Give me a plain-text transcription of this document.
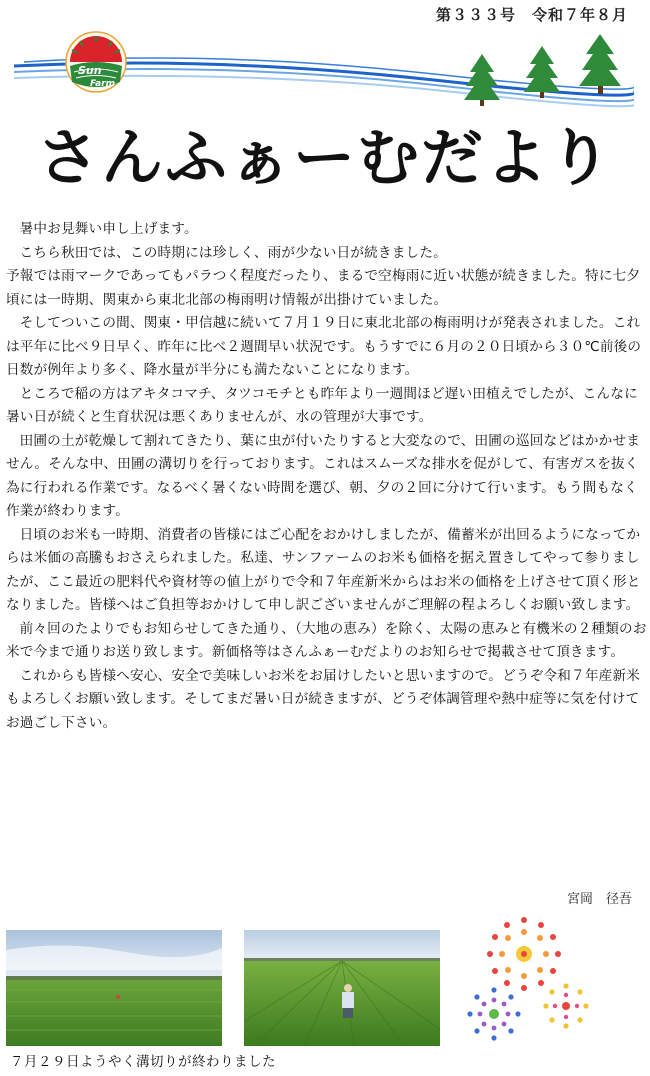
第３３３号　令和７年８月
Sun
Farm
さんふぁーむだより

暑中お見舞い申し上げます。

こちら秋田では、この時期には珍しく、雨が少ない日が続きました。

予報では雨マークであってもパラつく程度だったり、まるで空梅雨に近い状態が続きました。特に七夕頃には一時期、関東から東北北部の梅雨明け情報が出掛けていました。

そしてついこの間、関東・甲信越に続いて７月１９日に東北北部の梅雨明けが発表されました。これは平年に比べ９日早く、昨年に比べ２週間早い状況です。もうすでに６月の２０日頃から３０℃前後の日数が例年より多く、降水量が半分にも満たないことになります。

ところで稲の方はアキタコマチ、タツコモチとも昨年より一週間ほど遅い田植えでしたが、こんなに暑い日が続くと生育状況は悪くありませんが、水の管理が大事です。

田圃の土が乾燥して割れてきたり、葉に虫が付いたりすると大変なので、田圃の巡回などはかかせません。そんな中、田圃の溝切りを行っております。これはスムーズな排水を促がして、有害ガスを抜く為に行われる作業です。なるべく暑くない時間を選び、朝、夕の２回に分けて行います。もう間もなく作業が終わります。

日頃のお米も一時期、消費者の皆様にはご心配をおかけしましたが、備蓄米が出回るようになってからは米価の高騰もおさえられました。私達、サンファームのお米も価格を据え置きしてやって参りましたが、ここ最近の肥料代や資材等の値上がりで令和７年産新米からはお米の価格を上げさせて頂く形となりました。皆様へはご負担等おかけして申し訳ございませんがご理解の程よろしくお願い致します。

前々回のたよりでもお知らせしてきた通り、（大地の恵み）を除く、太陽の恵みと有機米の２種類のお米で今まで通りお送り致します。新価格等はさんふぁーむだよりのお知らせで掲載させて頂きます。

これからも皆様へ安心、安全で美味しいお米をお届けしたいと思いますので。どうぞ令和７年産新米もよろしくお願い致します。そしてまだ暑い日が続きますが、どうぞ体調管理や熱中症等に気を付けてお過ごし下さい。

宮岡　径吾
７月２９日ようやく溝切りが終わりました
